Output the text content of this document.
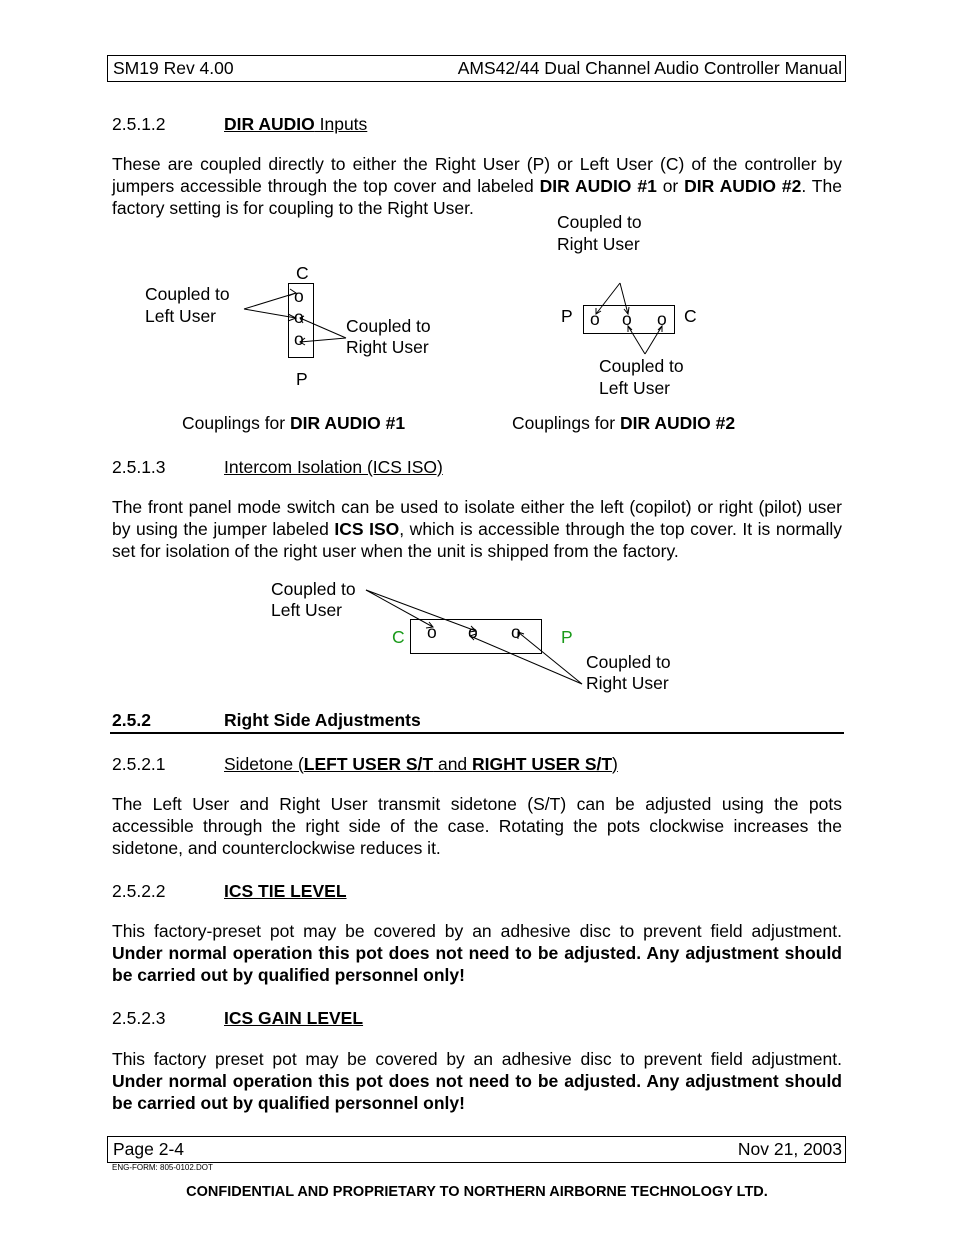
SM19 Rev 4.00	AMS42/44 Dual Channel Audio Controller Manual
2.5.1.2	DIR AUDIO Inputs
These are coupled directly to either the Right User (P) or Left User (C) of the controller by jumpers accessible through the top cover and labeled DIR AUDIO #1 or DIR AUDIO #2. The factory setting is for coupling to the Right User.
C
o
o
o
P
Coupled to
Left User	Coupled to
Right User
Couplings for DIR AUDIO #1
Coupled to
Right User
P o o o C
Coupled to
Left User
Couplings for DIR AUDIO #2
2.5.1.3	Intercom Isolation (ICS ISO)
The front panel mode switch can be used to isolate either the left (copilot) or right (pilot) user by using the jumper labeled ICS ISO, which is accessible through the top cover. It is normally set for isolation of the right user when the unit is shipped from the factory.
Coupled to
Left User
C o o o P
Coupled to
Right User
2.5.2	Right Side Adjustments
2.5.2.1	Sidetone (LEFT USER S/T and RIGHT USER S/T)
The Left User and Right User transmit sidetone (S/T) can be adjusted using the pots accessible through the right side of the case. Rotating the pots clockwise increases the sidetone, and counterclockwise reduces it.
2.5.2.2	ICS TIE LEVEL
This factory-preset pot may be covered by an adhesive disc to prevent field adjustment. Under normal operation this pot does not need to be adjusted. Any adjustment should be carried out by qualified personnel only!
2.5.2.3	ICS GAIN LEVEL
This factory preset pot may be covered by an adhesive disc to prevent field adjustment. Under normal operation this pot does not need to be adjusted. Any adjustment should be carried out by qualified personnel only!
Page 2-4	Nov 21, 2003
ENG-FORM: 805-0102.DOT
CONFIDENTIAL AND PROPRIETARY TO NORTHERN AIRBORNE TECHNOLOGY LTD.
